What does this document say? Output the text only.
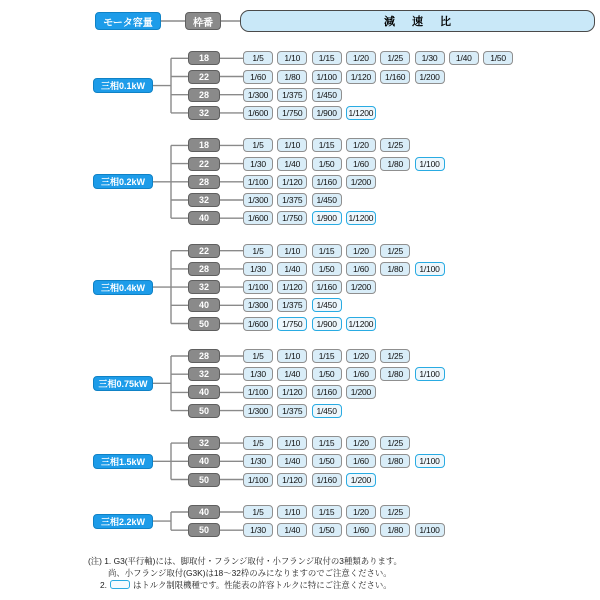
モータ容量	枠番	減 速 比
三相0.1kW
18	1/5	1/10	1/15	1/20	1/25	1/30	1/40	1/50
22	1/60	1/80	1/100	1/120	1/160	1/200
28	1/300	1/375	1/450
32	1/600	1/750	1/900	1/1200
三相0.2kW
18	1/5	1/10	1/15	1/20	1/25
22	1/30	1/40	1/50	1/60	1/80	1/100
28	1/100	1/120	1/160	1/200
32	1/300	1/375	1/450
40	1/600	1/750	1/900	1/1200
三相0.4kW
22	1/5	1/10	1/15	1/20	1/25
28	1/30	1/40	1/50	1/60	1/80	1/100
32	1/100	1/120	1/160	1/200
40	1/300	1/375	1/450
50	1/600	1/750	1/900	1/1200
三相0.75kW
28	1/5	1/10	1/15	1/20	1/25
32	1/30	1/40	1/50	1/60	1/80	1/100
40	1/100	1/120	1/160	1/200
50	1/300	1/375	1/450
三相1.5kW
32	1/5	1/10	1/15	1/20	1/25
40	1/30	1/40	1/50	1/60	1/80	1/100
50	1/100	1/120	1/160	1/200
三相2.2kW
40	1/5	1/10	1/15	1/20	1/25
50	1/30	1/40	1/50	1/60	1/80	1/100
(注) 1. G3(平行軸)には、脚取付・フランジ取付・小フランジ取付の3種類あります。
尚、小フランジ取付(G3K)は18〜32枠のみになりますのでご注意ください。
2.	はトルク制限機種です。性能表の許容トルクに特にご注意ください。
